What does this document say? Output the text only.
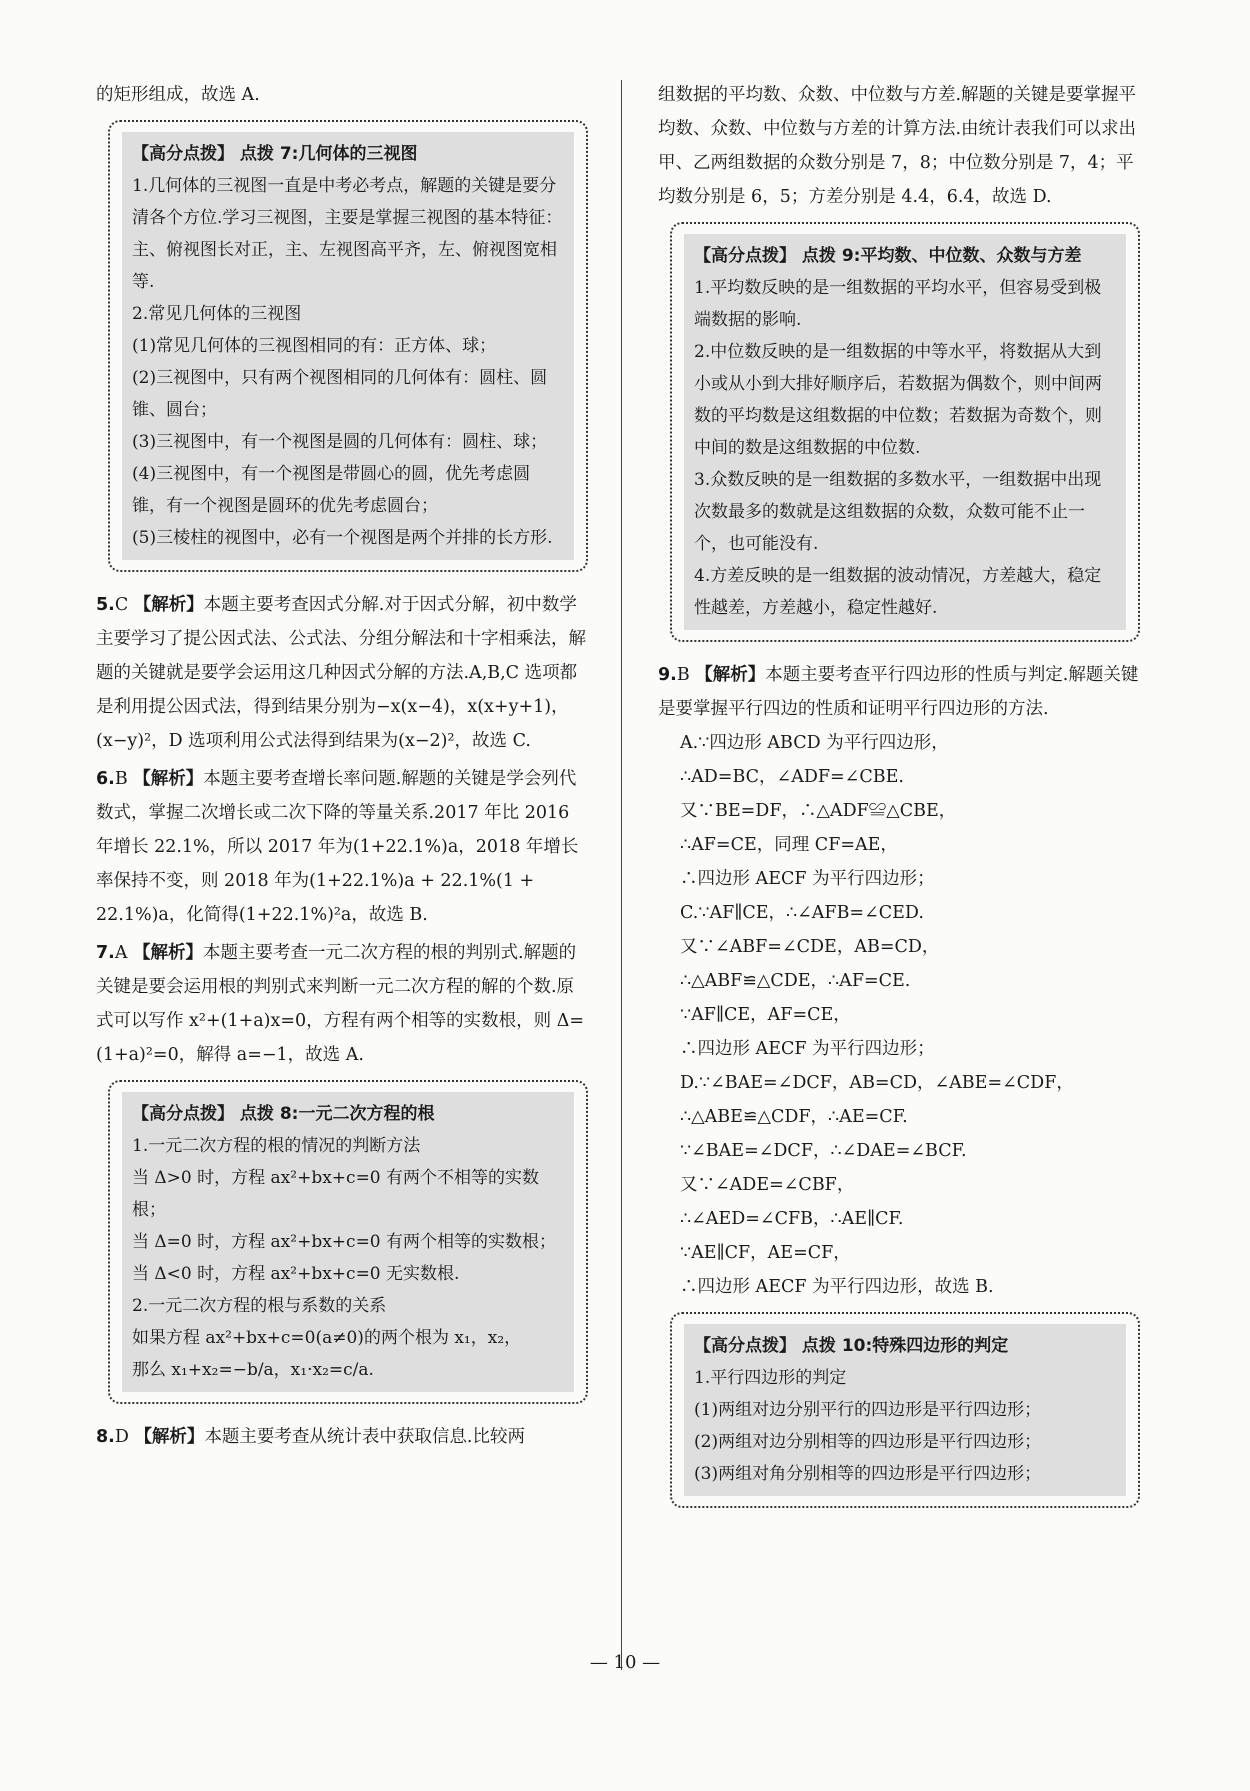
的矩形组成，故选 A.

【高分点拨】 点拨 7:几何体的三视图

1.几何体的三视图一直是中考必考点，解题的关键是要分清各个方位.学习三视图，主要是掌握三视图的基本特征：主、俯视图长对正，主、左视图高平齐，左、俯视图宽相等.

2.常见几何体的三视图

(1)常见几何体的三视图相同的有：正方体、球；

(2)三视图中，只有两个视图相同的几何体有：圆柱、圆锥、圆台；

(3)三视图中，有一个视图是圆的几何体有：圆柱、球；

(4)三视图中，有一个视图是带圆心的圆，优先考虑圆锥，有一个视图是圆环的优先考虑圆台；

(5)三棱柱的视图中，必有一个视图是两个并排的长方形.

5.C 【解析】本题主要考查因式分解.对于因式分解，初中数学主要学习了提公因式法、公式法、分组分解法和十字相乘法，解题的关键就是要学会运用这几种因式分解的方法.A,B,C 选项都是利用提公因式法，得到结果分别为−x(x−4)，x(x+y+1)，(x−y)²，D 选项利用公式法得到结果为(x−2)²，故选 C.

6.B 【解析】本题主要考查增长率问题.解题的关键是学会列代数式，掌握二次增长或二次下降的等量关系.2017 年比 2016 年增长 22.1%，所以 2017 年为(1+22.1%)a，2018 年增长率保持不变，则 2018 年为(1+22.1%)a + 22.1%(1 + 22.1%)a，化简得(1+22.1%)²a，故选 B.

7.A 【解析】本题主要考查一元二次方程的根的判别式.解题的关键是要会运用根的判别式来判断一元二次方程的解的个数.原式可以写作 x²+(1+a)x=0，方程有两个相等的实数根，则 Δ=(1+a)²=0，解得 a=−1，故选 A.

【高分点拨】 点拨 8:一元二次方程的根

1.一元二次方程的根的情况的判断方法

当 Δ>0 时，方程 ax²+bx+c=0 有两个不相等的实数根；

当 Δ=0 时，方程 ax²+bx+c=0 有两个相等的实数根；

当 Δ<0 时，方程 ax²+bx+c=0 无实数根.

2.一元二次方程的根与系数的关系

如果方程 ax²+bx+c=0(a≠0)的两个根为 x₁，x₂，

那么 x₁+x₂=−b/a，x₁·x₂=c/a.

8.D 【解析】本题主要考查从统计表中获取信息.比较两

组数据的平均数、众数、中位数与方差.解题的关键是要掌握平均数、众数、中位数与方差的计算方法.由统计表我们可以求出甲、乙两组数据的众数分别是 7，8；中位数分别是 7，4；平均数分别是 6，5；方差分别是 4.4，6.4，故选 D.

【高分点拨】 点拨 9:平均数、中位数、众数与方差

1.平均数反映的是一组数据的平均水平，但容易受到极端数据的影响.

2.中位数反映的是一组数据的中等水平，将数据从大到小或从小到大排好顺序后，若数据为偶数个，则中间两数的平均数是这组数据的中位数；若数据为奇数个，则中间的数是这组数据的中位数.

3.众数反映的是一组数据的多数水平，一组数据中出现次数最多的数就是这组数据的众数，众数可能不止一个，也可能没有.

4.方差反映的是一组数据的波动情况，方差越大，稳定性越差，方差越小，稳定性越好.

9.B 【解析】本题主要考查平行四边形的性质与判定.解题关键是要掌握平行四边的性质和证明平行四边形的方法.

A.∵四边形 ABCD 为平行四边形，

∴AD=BC，∠ADF=∠CBE.

又∵BE=DF，∴△ADF≌△CBE，

∴AF=CE，同理 CF=AE，

∴四边形 AECF 为平行四边形；

C.∵AF∥CE，∴∠AFB=∠CED.

又∵∠ABF=∠CDE，AB=CD，

∴△ABF≌△CDE，∴AF=CE.

∵AF∥CE，AF=CE，

∴四边形 AECF 为平行四边形；

D.∵∠BAE=∠DCF，AB=CD，∠ABE=∠CDF，

∴△ABE≌△CDF，∴AE=CF.

∵∠BAE=∠DCF，∴∠DAE=∠BCF.

又∵∠ADE=∠CBF，

∴∠AED=∠CFB，∴AE∥CF.

∵AE∥CF，AE=CF，

∴四边形 AECF 为平行四边形，故选 B.

【高分点拨】 点拨 10:特殊四边形的判定

1.平行四边形的判定

(1)两组对边分别平行的四边形是平行四边形；

(2)两组对边分别相等的四边形是平行四边形；

(3)两组对角分别相等的四边形是平行四边形；

— 10 —
